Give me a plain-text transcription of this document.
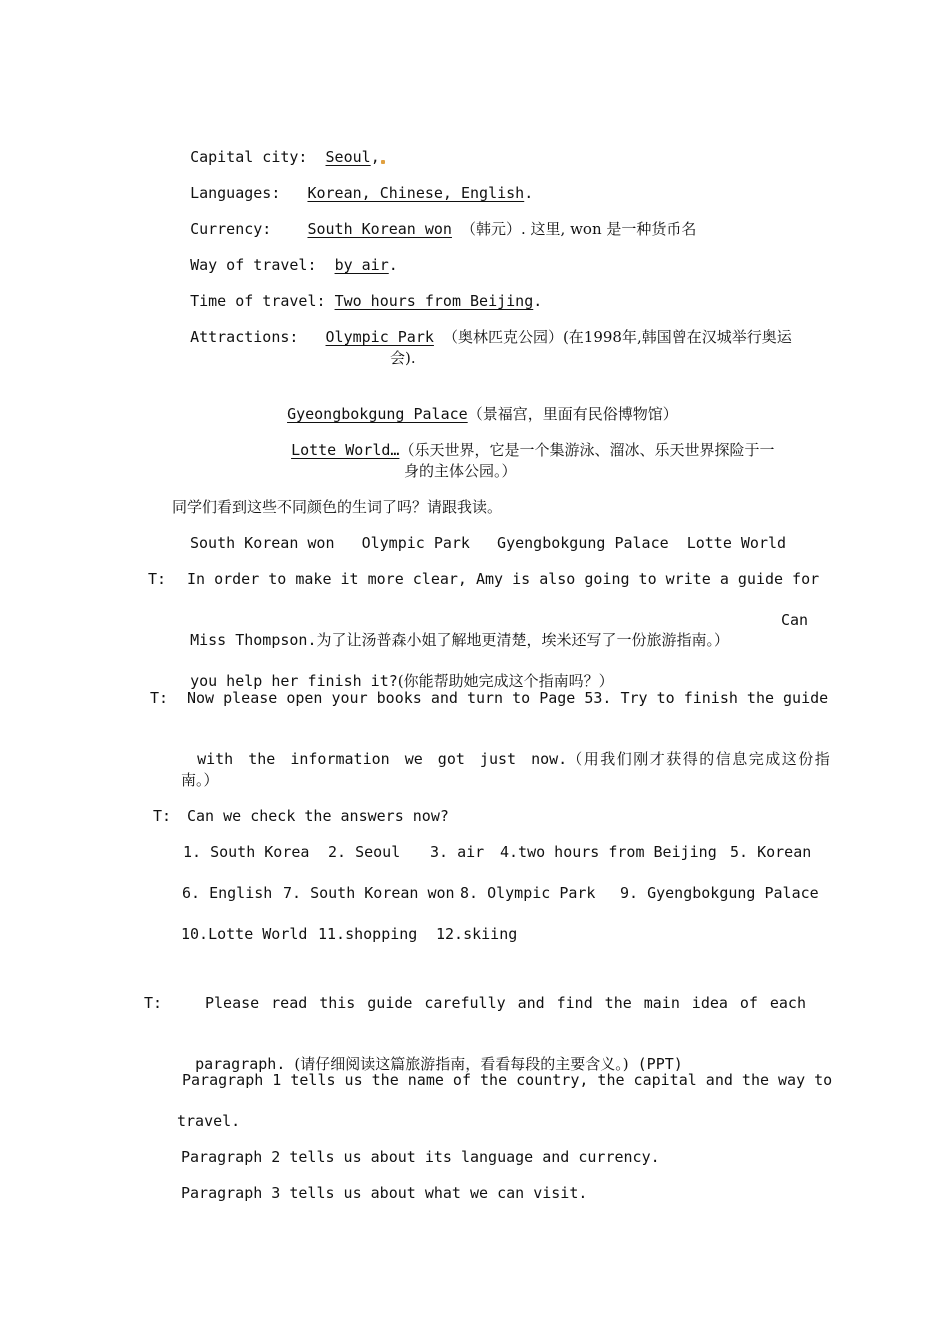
Capital city: Seoul,

Languages: Korean, Chinese, English.

Currency: South Korean won （韩元）. 这里, won 是一种货币名

Way of travel: by air.

Time of travel: Two hours from Beijing.

Attractions: Olympic Park （奥林匹克公园）(在1998年,韩国曾在汉城举行奥运

会).

Gyeongbokgung Palace（景福宫，里面有民俗博物馆）

Lotte World…（乐天世界，它是一个集游泳、溜冰、乐天世界探险于一

身的主体公园。）
同学们看到这些不同颜色的生词了吗？请跟我读。
South Korean won   Olympic Park   Gyengbokgung Palace  Lotte World
T: In order to make it more clear, Amy is also going to write a guide for

Miss Thompson.为了让汤普森小姐了解地更清楚，埃米还写了一份旅游指南。）

Can

you help her finish it?(你能帮助她完成这个指南吗？）

T: Now please open your books and turn to Page 53. Try to finish the guide

with the information we got just now.（用我们刚才获得的信息完成这份指

南。）
T: Can we check the answers now?
1. South Korea 2. Seoul 3. air 4.two hours from Beijing 5. Korean
6. English 7. South Korean won 8. Olympic Park 9. Gyengbokgung Palace
10.Lotte World 11.shopping 12.skiing
T:	Please read this guide carefully and find the main idea of each

paragraph. (请仔细阅读这篇旅游指南，看看每段的主要含义。) (PPT)

Paragraph 1 tells us the name of the country, the capital and the way to
travel.
Paragraph 2 tells us about its language and currency.
Paragraph 3 tells us about what we can visit.
